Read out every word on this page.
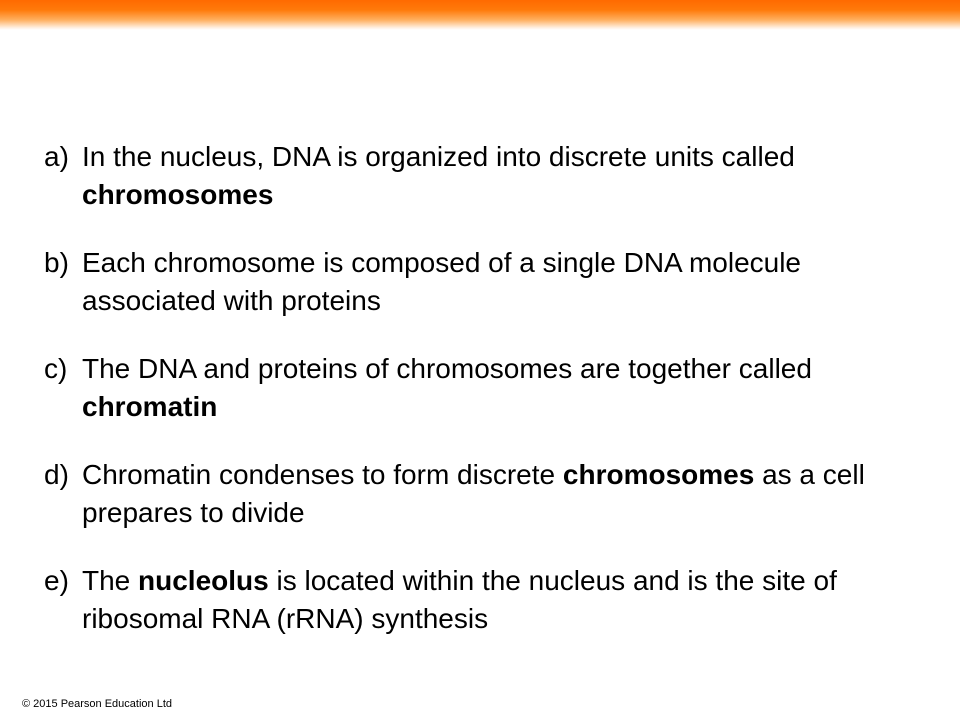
a) In the nucleus, DNA is organized into discrete units called chromosomes
b) Each chromosome is composed of a single DNA molecule associated with proteins
c) The DNA and proteins of chromosomes are together called chromatin
d) Chromatin condenses to form discrete chromosomes as a cell prepares to divide
e) The nucleolus is located within the nucleus and is the site of ribosomal RNA (rRNA) synthesis
© 2015 Pearson Education Ltd
